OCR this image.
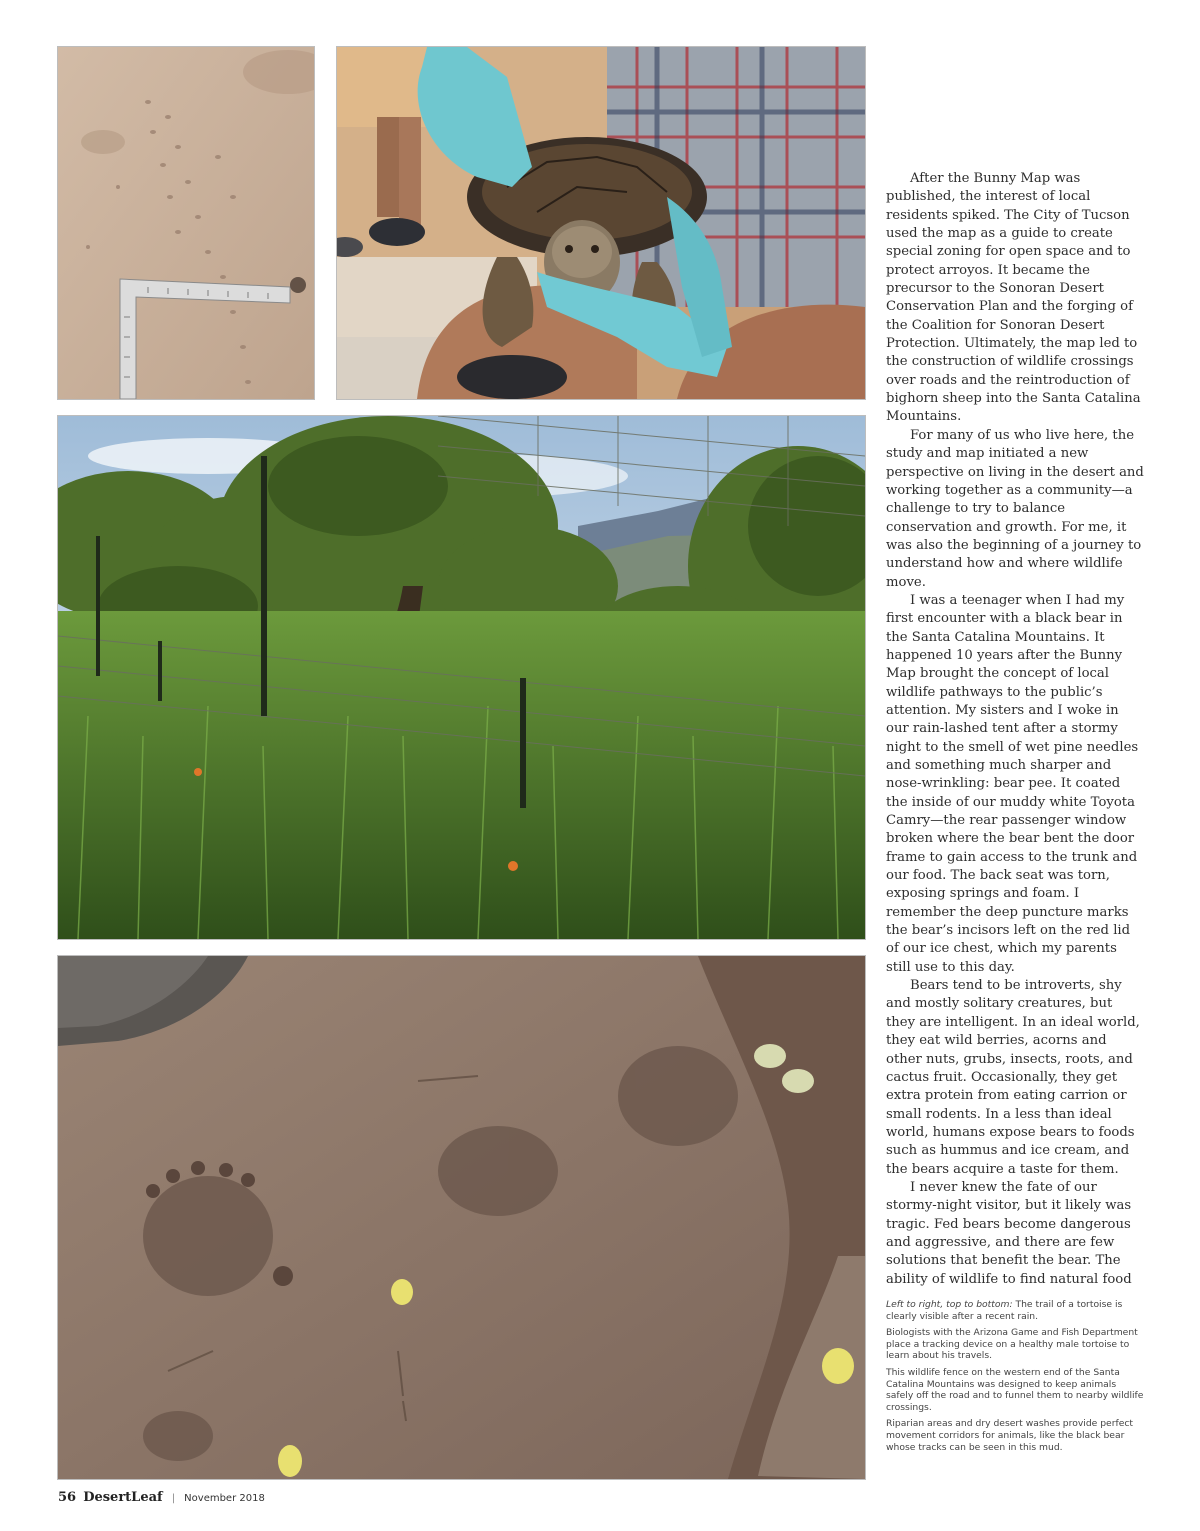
After the Bunny Map was published, the interest of local residents spiked. The City of Tucson used the map as a guide to create special zoning for open space and to protect arroyos. It became the precursor to the Sonoran Desert Conservation Plan and the forging of the Coalition for Sonoran Desert Protection. Ultimately, the map led to the construction of wildlife crossings over roads and the reintroduction of bighorn sheep into the Santa Catalina Mountains.

For many of us who live here, the study and map initiated a new perspective on living in the desert and working together as a community—a challenge to try to balance conservation and growth. For me, it was also the beginning of a journey to understand how and where wildlife move.

I was a teenager when I had my first encounter with a black bear in the Santa Catalina Mountains. It happened 10 years after the Bunny Map brought the concept of local wildlife pathways to the public’s attention. My sisters and I woke in our rain-lashed tent after a stormy night to the smell of wet pine needles and something much sharper and nose-wrinkling: bear pee. It coated the inside of our muddy white Toyota Camry—the rear passenger window broken where the bear bent the door frame to gain access to the trunk and our food. The back seat was torn, exposing springs and foam. I remember the deep puncture marks the bear’s incisors left on the red lid of our ice chest, which my parents still use to this day.

Bears tend to be introverts, shy and mostly solitary creatures, but they are intelligent. In an ideal world, they eat wild berries, acorns and other nuts, grubs, insects, roots, and cactus fruit. Occasionally, they get extra protein from eating carrion or small rodents. In a less than ideal world, humans expose bears to foods such as hummus and ice cream, and the bears acquire a taste for them.

I never knew the fate of our stormy-night visitor, but it likely was tragic. Fed bears become dangerous and aggressive, and there are few solutions that benefit the bear. The ability of wildlife to find natural food

Left to right, top to bottom: The trail of a tortoise is clearly visible after a recent rain.

Biologists with the Arizona Game and Fish Department place a tracking device on a healthy male tortoise to learn about his travels.

This wildlife fence on the western end of the Santa Catalina Mountains was designed to keep animals safely off the road and to funnel them to nearby wildlife crossings.

Riparian areas and dry desert washes provide perfect movement corridors for animals, like the black bear whose tracks can be seen in this mud.

56 DesertLeaf | November 2018
